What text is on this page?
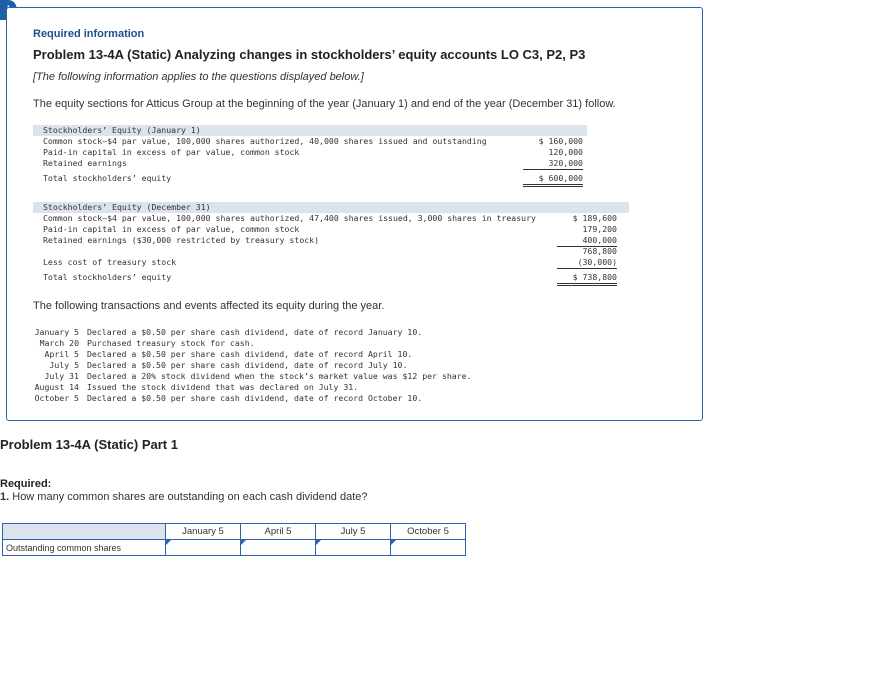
Required information
Problem 13-4A (Static) Analyzing changes in stockholders’ equity accounts LO C3, P2, P3
[The following information applies to the questions displayed below.]
The equity sections for Atticus Group at the beginning of the year (January 1) and end of the year (December 31) follow.
Stockholders’ Equity (January 1)
Common stock—$4 par value, 100,000 shares authorized, 40,000 shares issued and outstanding	$ 160,000
Paid-in capital in excess of par value, common stock	120,000
Retained earnings	320,000
Total stockholders’ equity	$ 600,000
Stockholders’ Equity (December 31)
Common stock—$4 par value, 100,000 shares authorized, 47,400 shares issued, 3,000 shares in treasury	$ 189,600
Paid-in capital in excess of par value, common stock	179,200
Retained earnings ($30,000 restricted by treasury stock)	400,000
768,800
Less cost of treasury stock	(30,000)
Total stockholders’ equity	$ 738,800
The following transactions and events affected its equity during the year.
January 5 Declared a $0.50 per share cash dividend, date of record January 10.
March 20 Purchased treasury stock for cash.
April 5 Declared a $0.50 per share cash dividend, date of record April 10.
July 5 Declared a $0.50 per share cash dividend, date of record July 10.
July 31 Declared a 20% stock dividend when the stock’s market value was $12 per share.
August 14 Issued the stock dividend that was declared on July 31.
October 5 Declared a $0.50 per share cash dividend, date of record October 10.
Problem 13-4A (Static) Part 1
Required:
1. How many common shares are outstanding on each cash dividend date?
	January 5	April 5	July 5	October 5
Outstanding common shares	
